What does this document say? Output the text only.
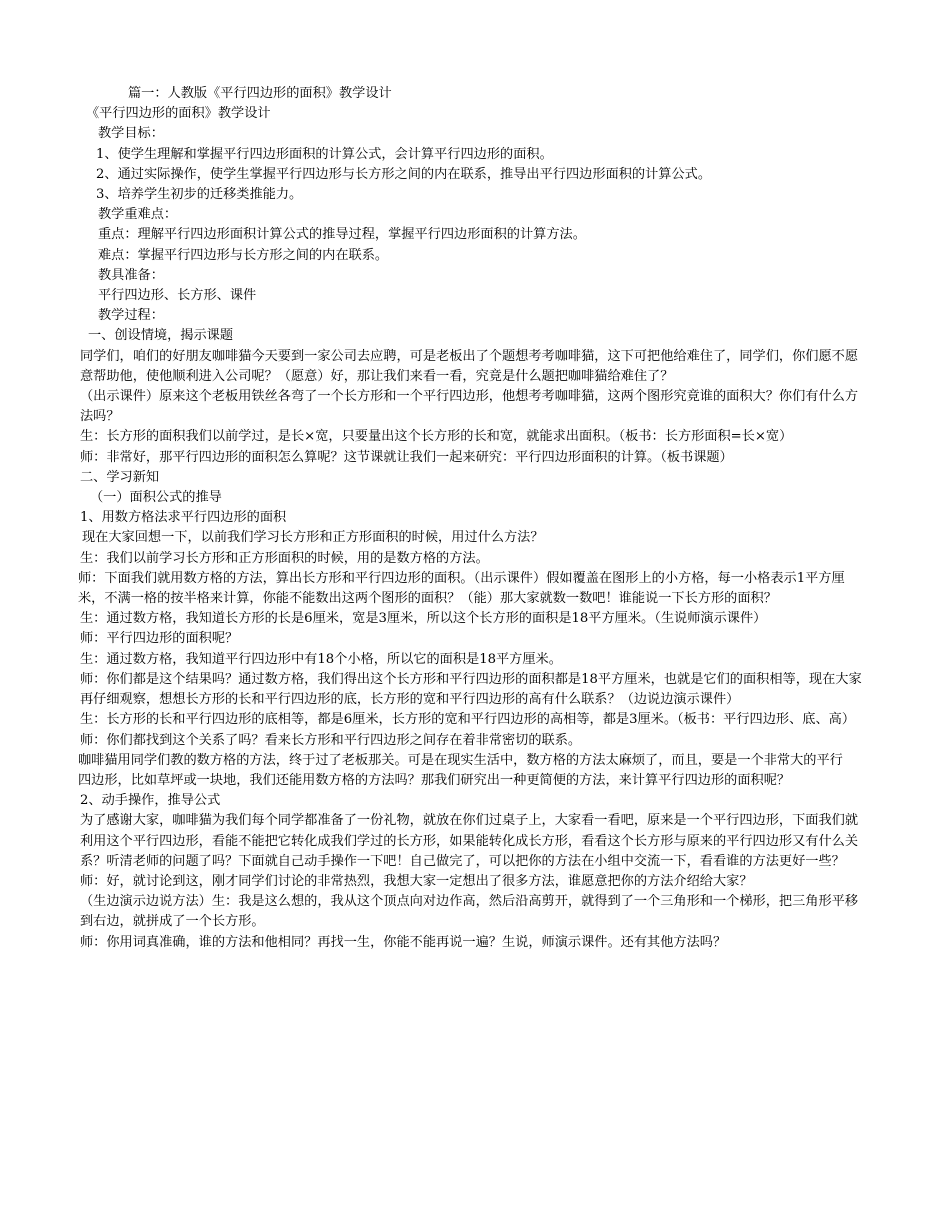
篇一：人教版《平行四边形的面积》教学设计

《平行四边形的面积》教学设计

教学目标：

1、使学生理解和掌握平行四边形面积的计算公式，会计算平行四边形的面积。

2、通过实际操作，使学生掌握平行四边形与长方形之间的内在联系，推导出平行四边形面积的计算公式。

3、培养学生初步的迁移类推能力。

教学重难点：

重点：理解平行四边形面积计算公式的推导过程，掌握平行四边形面积的计算方法。

难点：掌握平行四边形与长方形之间的内在联系。

教具准备：

平行四边形、长方形、课件

教学过程：

一、创设情境，揭示课题

同学们，咱们的好朋友咖啡猫今天要到一家公司去应聘，可是老板出了个题想考考咖啡猫，这下可把他给难住了，同学们，你们愿不愿意帮助他，使他顺利进入公司呢？（愿意）好，那让我们来看一看，究竟是什么题把咖啡猫给难住了？

（出示课件）原来这个老板用铁丝各弯了一个长方形和一个平行四边形，他想考考咖啡猫，这两个图形究竟谁的面积大？你们有什么方法吗？

生：长方形的面积我们以前学过，是长×宽，只要量出这个长方形的长和宽，就能求出面积。（板书：长方形面积=长×宽）

师：非常好，那平行四边形的面积怎么算呢？这节课就让我们一起来研究：平行四边形面积的计算。（板书课题）

二、学习新知

（一）面积公式的推导

1、用数方格法求平行四边形的面积

现在大家回想一下，以前我们学习长方形和正方形面积的时候，用过什么方法？

生：我们以前学习长方形和正方形面积的时候，用的是数方格的方法。

师：下面我们就用数方格的方法，算出长方形和平行四边形的面积。（出示课件）假如覆盖在图形上的小方格，每一小格表示1平方厘米，不满一格的按半格来计算，你能不能数出这两个图形的面积？（能）那大家就数一数吧！谁能说一下长方形的面积？

生：通过数方格，我知道长方形的长是6厘米，宽是3厘米，所以这个长方形的面积是18平方厘米。（生说师演示课件）

师：平行四边形的面积呢？

生：通过数方格，我知道平行四边形中有18个小格，所以它的面积是18平方厘米。

师：你们都是这个结果吗？通过数方格，我们得出这个长方形和平行四边形的面积都是18平方厘米，也就是它们的面积相等，现在大家再仔细观察，想想长方形的长和平行四边形的底，长方形的宽和平行四边形的高有什么联系？（边说边演示课件）

生：长方形的长和平行四边形的底相等，都是6厘米，长方形的宽和平行四边形的高相等，都是3厘米。（板书：平行四边形、底、高）

师：你们都找到这个关系了吗？看来长方形和平行四边形之间存在着非常密切的联系。

咖啡猫用同学们教的数方格的方法，终于过了老板那关。可是在现实生活中，数方格的方法太麻烦了，而且，要是一个非常大的平行

四边形，比如草坪或一块地，我们还能用数方格的方法吗？那我们研究出一种更简便的方法，来计算平行四边形的面积呢？

2、动手操作，推导公式

为了感谢大家，咖啡猫为我们每个同学都准备了一份礼物，就放在你们过桌子上，大家看一看吧，原来是一个平行四边形，下面我们就利用这个平行四边形，看能不能把它转化成我们学过的长方形，如果能转化成长方形，看看这个长方形与原来的平行四边形又有什么关系？听清老师的问题了吗？下面就自己动手操作一下吧！自己做完了，可以把你的方法在小组中交流一下，看看谁的方法更好一些？

师：好，就讨论到这，刚才同学们讨论的非常热烈，我想大家一定想出了很多方法，谁愿意把你的方法介绍给大家？

（生边演示边说方法）生：我是这么想的，我从这个顶点向对边作高，然后沿高剪开，就得到了一个三角形和一个梯形，把三角形平移到右边，就拼成了一个长方形。

师：你用词真准确，谁的方法和他相同？再找一生，你能不能再说一遍？生说，师演示课件。还有其他方法吗？
